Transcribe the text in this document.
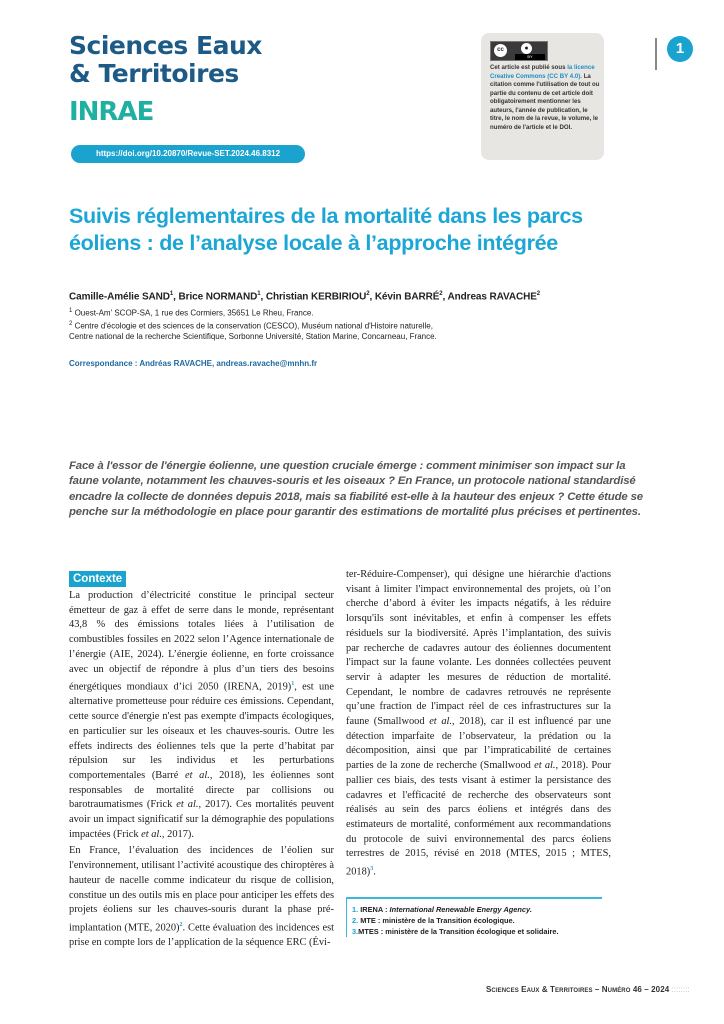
Sciences Eaux
& Territoires
INRAE
https://doi.org/10.20870/Revue-SET.2024.46.8312
cc	●
BY
Cet article est publié sous la licence Creative Commons (CC BY 4.0). La citation comme l'utilisation de tout ou partie du contenu de cet article doit obligatoirement mentionner les auteurs, l'année de publication, le titre, le nom de la revue, le volume, le numéro de l'article et le DOI.
1
Suivis réglementaires de la mortalité dans les parcs éoliens : de l’analyse locale à l’approche intégrée
Camille-Amélie SAND$^1$, Brice NORMAND$^1$, Christian KERBIRIOU$^2$, Kévin BARRÉ$^2$, Andreas RAVACHE$^2$
$^1$ Ouest-Am' SCOP-SA, 1 rue des Cormiers, 35651 Le Rheu, France.
$^2$ Centre d'écologie et des sciences de la conservation (CESCO), Muséum national d'Histoire naturelle,
Centre national de la recherche Scientifique, Sorbonne Université, Station Marine, Concarneau, France.
Correspondance : Andréas RAVACHE, andreas.ravache@mnhn.fr
Face à l'essor de l'énergie éolienne, une question cruciale émerge : comment minimiser son impact sur la faune volante, notamment les chauves-souris et les oiseaux ? En France, un protocole national standardisé encadre la collecte de données depuis 2018, mais sa fiabilité est-elle à la hauteur des enjeux ? Cette étude se penche sur la méthodologie en place pour garantir des estimations de mortalité plus précises et pertinentes.
Contexte

La production d’électricité constitue le principal secteur émetteur de gaz à effet de serre dans le monde, représentant 43,8 % des émissions totales liées à l’utilisation de combustibles fossiles en 2022 selon l’Agence internationale de l’énergie (AIE, 2024). L’énergie éolienne, en forte croissance avec un objectif de répondre à plus d’un tiers des besoins énergétiques mondiaux d’ici 2050 (IRENA, 2019)$^1$, est une alternative prometteuse pour réduire ces émissions. Cependant, cette source d'énergie n'est pas exempte d'impacts écologiques, en particulier sur les oiseaux et les chauves-souris. Outre les effets indirects des éoliennes tels que la perte d’habitat par répulsion sur les individus et les perturbations comportementales (Barré et al., 2018), les éoliennes sont responsables de mortalité directe par collisions ou barotraumatismes (Frick et al., 2017). Ces mortalités peuvent avoir un impact significatif sur la démographie des populations impactées (Frick et al., 2017).

En France, l’évaluation des incidences de l’éolien sur l'environnement, utilisant l’activité acoustique des chiroptères à hauteur de nacelle comme indicateur du risque de collision, constitue un des outils mis en place pour anticiper les effets des projets éoliens sur les chauves-souris durant la phase pré-implantation (MTE, 2020)$^2$. Cette évaluation des incidences est prise en compte lors de l’application de la séquence ERC (Évi-

ter-Réduire-Compenser), qui désigne une hiérarchie d'actions visant à limiter l'impact environnemental des projets, où l’on cherche d’abord à éviter les impacts négatifs, à les réduire lorsqu'ils sont inévitables, et enfin à compenser les effets résiduels sur la biodiversité. Après l’implantation, des suivis par recherche de cadavres autour des éoliennes documentent l'impact sur la faune volante. Les données collectées peuvent servir à adapter les mesures de réduction de mortalité. Cependant, le nombre de cadavres retrouvés ne représente qu’une fraction de l'impact réel de ces infrastructures sur la faune (Smallwood et al., 2018), car il est influencé par une détection imparfaite de l’observateur, la prédation ou la décomposition, ainsi que par l’impraticabilité de certaines parties de la zone de recherche (Smallwood et al., 2018). Pour pallier ces biais, des tests visant à estimer la persistance des cadavres et l'efficacité de recherche des observateurs sont réalisés au sein des parcs éoliens et intégrés dans des estimateurs de mortalité, conformément aux recommandations du protocole de suivi environnemental des parcs éoliens terrestres de 2015, révisé en 2018 (MTES, 2015 ; MTES, 2018)$^3$.

1. IRENA : International Renewable Energy Agency.
2. MTE : ministère de la Transition écologique.
3.MTES : ministère de la Transition écologique et solidaire.
Sciences Eaux & Territoires – Numéro 46 – 2024 ::::::::
